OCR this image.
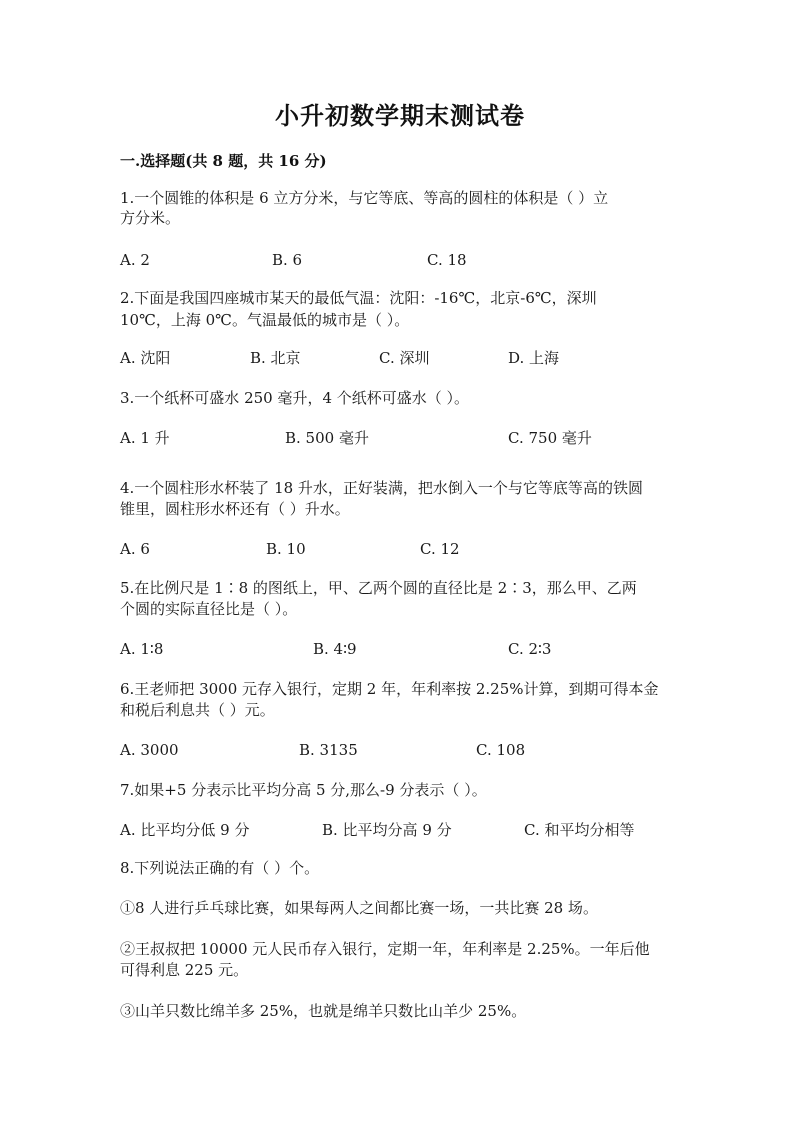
小升初数学期末测试卷
一.选择题(共 8 题，共 16 分)
1.一个圆锥的体积是 6 立方分米，与它等底、等高的圆柱的体积是（ ）立
方分米。
A. 2	B. 6	C. 18
2.下面是我国四座城市某天的最低气温：沈阳：-16℃，北京-6℃，深圳
10℃，上海 0℃。气温最低的城市是（ ）。
A. 沈阳	B. 北京	C. 深圳	D. 上海
3.一个纸杯可盛水 250 毫升，4 个纸杯可盛水（ ）。
A. 1 升	B. 500 毫升	C. 750 毫升
4.一个圆柱形水杯装了 18 升水，正好装满，把水倒入一个与它等底等高的铁圆
锥里，圆柱形水杯还有（ ）升水。
A. 6	B. 10	C. 12
5.在比例尺是 1∶8 的图纸上，甲、乙两个圆的直径比是 2∶3，那么甲、乙两
个圆的实际直径比是（ ）。
A. 1∶8	B. 4∶9	C. 2∶3
6.王老师把 3000 元存入银行，定期 2 年，年利率按 2.25%计算，到期可得本金
和税后利息共（ ）元。
A. 3000	B. 3135	C. 108
7.如果+5 分表示比平均分高 5 分,那么-9 分表示（ ）。
A. 比平均分低 9 分	B. 比平均分高 9 分	C. 和平均分相等
8.下列说法正确的有（ ）个。
①8 人进行乒乓球比赛，如果每两人之间都比赛一场，一共比赛 28 场。
②王叔叔把 10000 元人民币存入银行，定期一年，年利率是 2.25%。一年后他
可得利息 225 元。
③山羊只数比绵羊多 25%，也就是绵羊只数比山羊少 25%。
